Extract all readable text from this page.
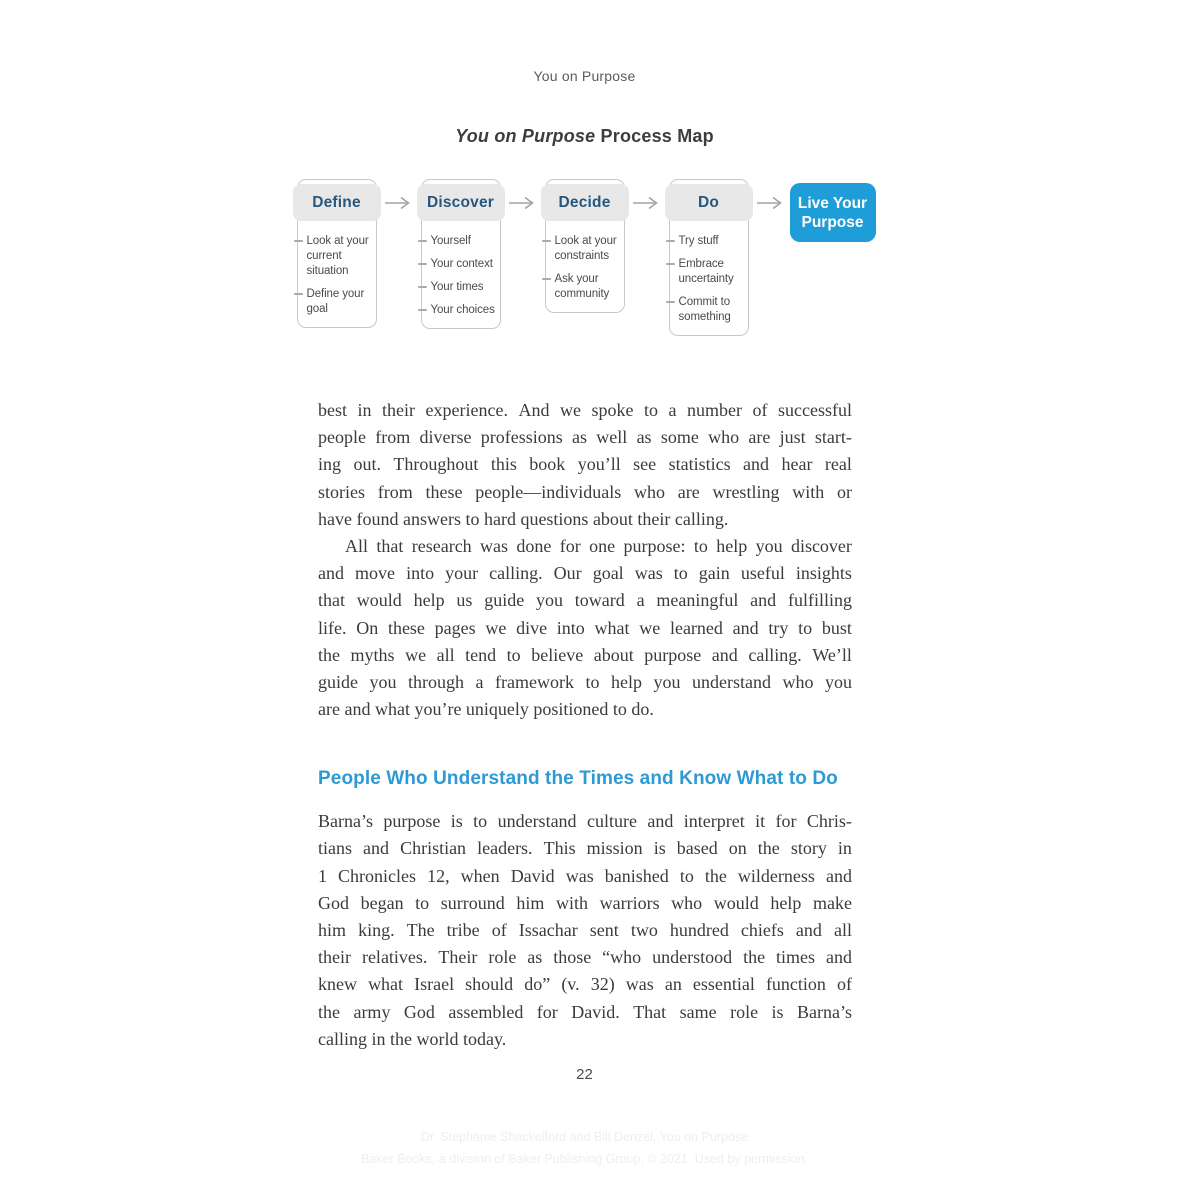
You on Purpose
You on Purpose Process Map
Define
Look at your current situation
Define your goal
Discover
Yourself
Your context
Your times
Your choices
Decide
Look at your constraints
Ask your community
Do
Try stuff
Embrace uncertainty
Commit to something
Live Your Purpose
best in their experience. And we spoke to a number of successful
people from diverse professions as well as some who are just start-
ing out. Throughout this book you’ll see statistics and hear real
stories from these people—individuals who are wrestling with or
have found answers to hard questions about their calling.
All that research was done for one purpose: to help you discover
and move into your calling. Our goal was to gain useful insights
that would help us guide you toward a meaningful and fulfilling
life. On these pages we dive into what we learned and try to bust
the myths we all tend to believe about purpose and calling. We’ll
guide you through a framework to help you understand who you
are and what you’re uniquely positioned to do.
People Who Understand the Times and Know What to Do
Barna’s purpose is to understand culture and interpret it for Chris-
tians and Christian leaders. This mission is based on the story in
1 Chronicles 12, when David was banished to the wilderness and
God began to surround him with warriors who would help make
him king. The tribe of Issachar sent two hundred chiefs and all
their relatives. Their role as those “who understood the times and
knew what Israel should do” (v. 32) was an essential function of
the army God assembled for David. That same role is Barna’s
calling in the world today.
22
Dr. Stephanie Shackelford and Bill Denzel, You on Purpose
Baker Books, a division of Baker Publishing Group, © 2021. Used by permission.
